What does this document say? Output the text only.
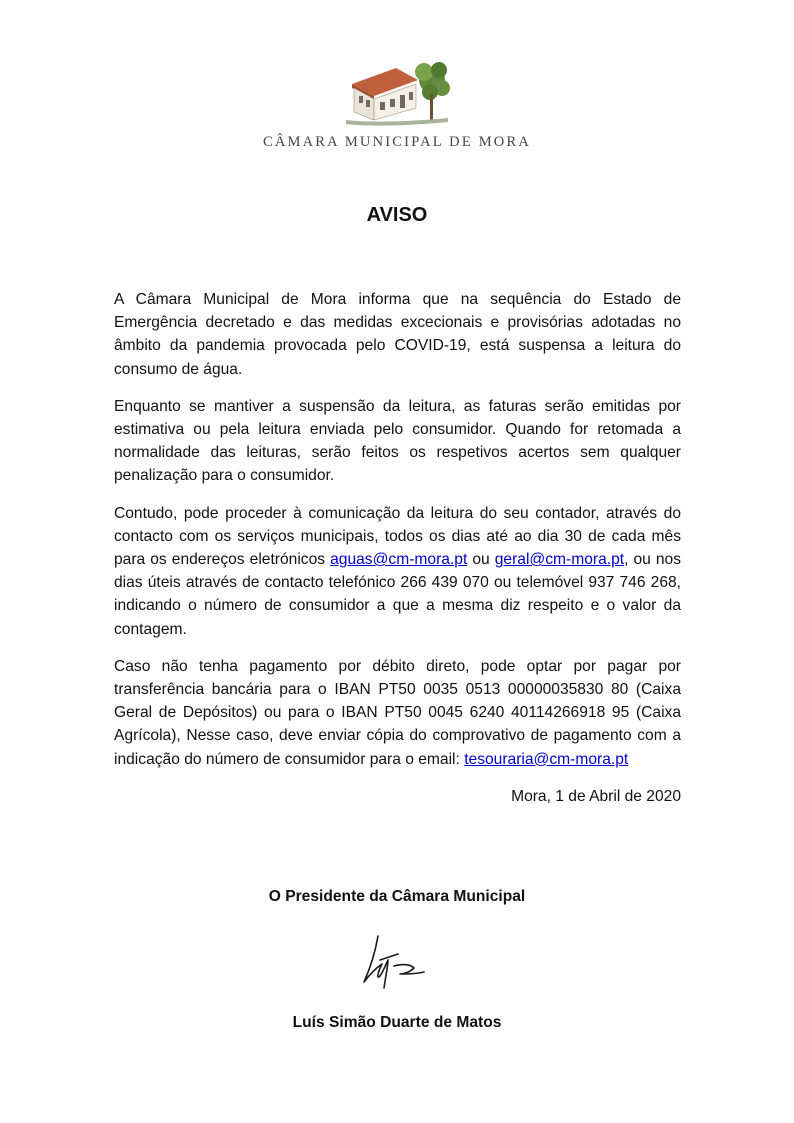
CÂMARA MUNICIPAL DE MORA
AVISO

A Câmara Municipal de Mora informa que na sequência do Estado de Emergência decretado e das medidas excecionais e provisórias adotadas no âmbito da pandemia provocada pelo COVID-19, está suspensa a leitura do consumo de água.

Enquanto se mantiver a suspensão da leitura, as faturas serão emitidas por estimativa ou pela leitura enviada pelo consumidor. Quando for retomada a normalidade das leituras, serão feitos os respetivos acertos sem qualquer penalização para o consumidor.

Contudo, pode proceder à comunicação da leitura do seu contador, através do contacto com os serviços municipais, todos os dias até ao dia 30 de cada mês para os endereços eletrónicos aguas@cm-mora.pt ou geral@cm-mora.pt, ou nos dias úteis através de contacto telefónico 266 439 070 ou telemóvel 937 746 268, indicando o número de consumidor a que a mesma diz respeito e o valor da contagem.

Caso não tenha pagamento por débito direto, pode optar por pagar por transferência bancária para o IBAN PT50 0035 0513 00000035830 80 (Caixa Geral de Depósitos) ou para o IBAN PT50 0045 6240 40114266918 95 (Caixa Agrícola), Nesse caso, deve enviar cópia do comprovativo de pagamento com a indicação do número de consumidor para o email: tesouraria@cm-mora.pt

Mora, 1 de Abril de 2020

O Presidente da Câmara Municipal
Luís Simão Duarte de Matos
